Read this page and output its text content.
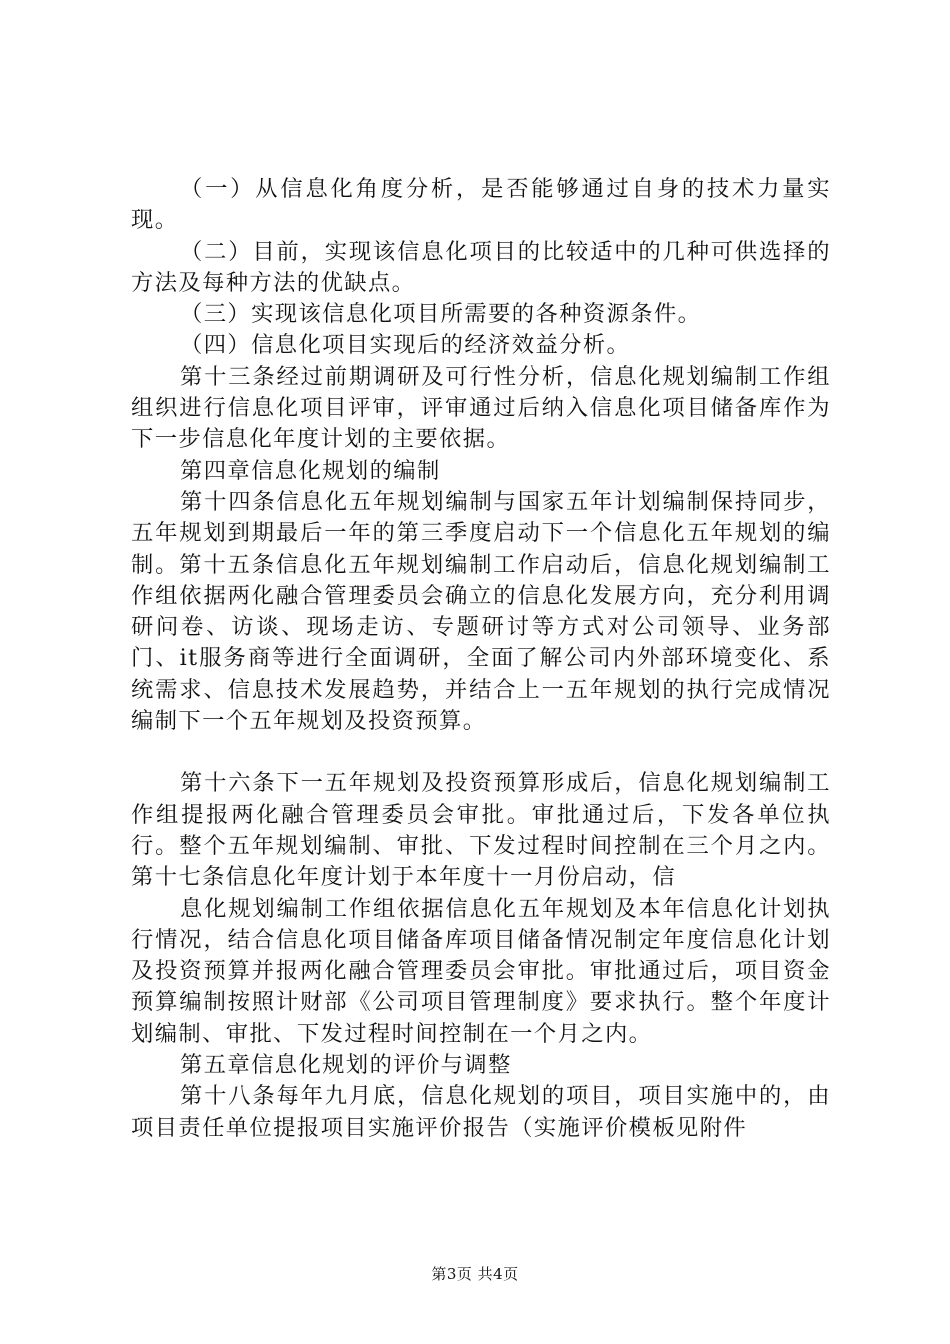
（一）从信息化角度分析，是否能够通过自身的技术力量实现。

（二）目前，实现该信息化项目的比较适中的几种可供选择的方法及每种方法的优缺点。

（三）实现该信息化项目所需要的各种资源条件。

（四）信息化项目实现后的经济效益分析。

第十三条经过前期调研及可行性分析，信息化规划编制工作组组织进行信息化项目评审，评审通过后纳入信息化项目储备库作为下一步信息化年度计划的主要依据。

第四章信息化规划的编制

第十四条信息化五年规划编制与国家五年计划编制保持同步，五年规划到期最后一年的第三季度启动下一个信息化五年规划的编制。第十五条信息化五年规划编制工作启动后，信息化规划编制工作组依据两化融合管理委员会确立的信息化发展方向，充分利用调研问卷、访谈、现场走访、专题研讨等方式对公司领导、业务部门、it服务商等进行全面调研，全面了解公司内外部环境变化、系统需求、信息技术发展趋势，并结合上一五年规划的执行完成情况编制下一个五年规划及投资预算。

第十六条下一五年规划及投资预算形成后，信息化规划编制工作组提报两化融合管理委员会审批。审批通过后，下发各单位执行。整个五年规划编制、审批、下发过程时间控制在三个月之内。第十七条信息化年度计划于本年度十一月份启动，信

息化规划编制工作组依据信息化五年规划及本年信息化计划执行情况，结合信息化项目储备库项目储备情况制定年度信息化计划及投资预算并报两化融合管理委员会审批。审批通过后，项目资金预算编制按照计财部《公司项目管理制度》要求执行。整个年度计划编制、审批、下发过程时间控制在一个月之内。

第五章信息化规划的评价与调整

第十八条每年九月底，信息化规划的项目，项目实施中的，由项目责任单位提报项目实施评价报告（实施评价模板见附件

第3页 共4页
